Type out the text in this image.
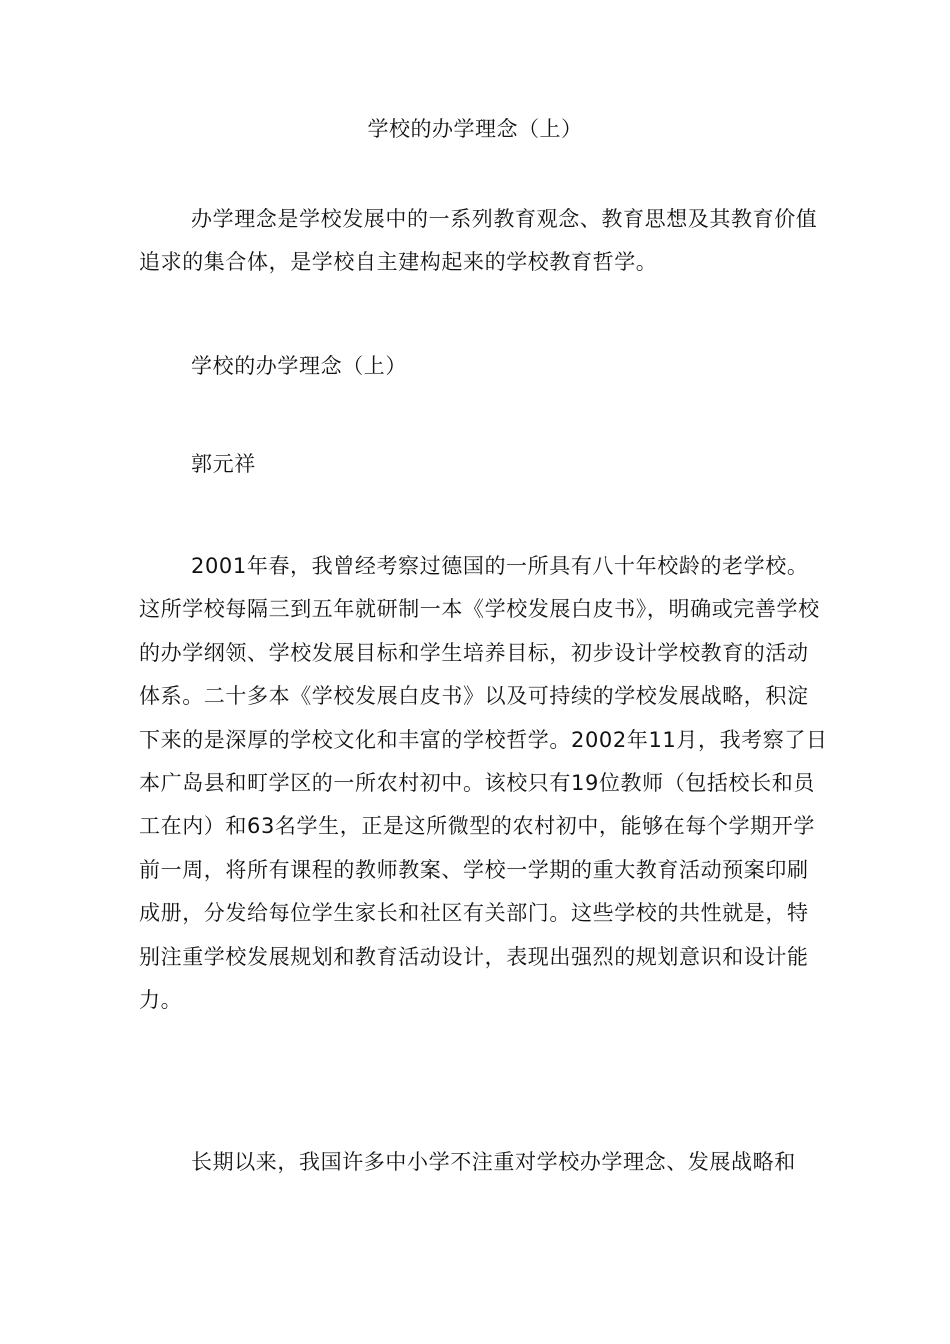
学校的办学理念（上）

办学理念是学校发展中的一系列教育观念、教育思想及其教育价值追求的集合体，是学校自主建构起来的学校教育哲学。

学校的办学理念（上）

郭元祥

2001年春，我曾经考察过德国的一所具有八十年校龄的老学校。这所学校每隔三到五年就研制一本《学校发展白皮书》，明确或完善学校的办学纲领、学校发展目标和学生培养目标，初步设计学校教育的活动体系。二十多本《学校发展白皮书》以及可持续的学校发展战略，积淀下来的是深厚的学校文化和丰富的学校哲学。2002年11月，我考察了日本广岛县和町学区的一所农村初中。该校只有19位教师（包括校长和员工在内）和63名学生，正是这所微型的农村初中，能够在每个学期开学前一周，将所有课程的教师教案、学校一学期的重大教育活动预案印刷成册，分发给每位学生家长和社区有关部门。这些学校的共性就是，特别注重学校发展规划和教育活动设计，表现出强烈的规划意识和设计能力。

长期以来，我国许多中小学不注重对学校办学理念、发展战略和
